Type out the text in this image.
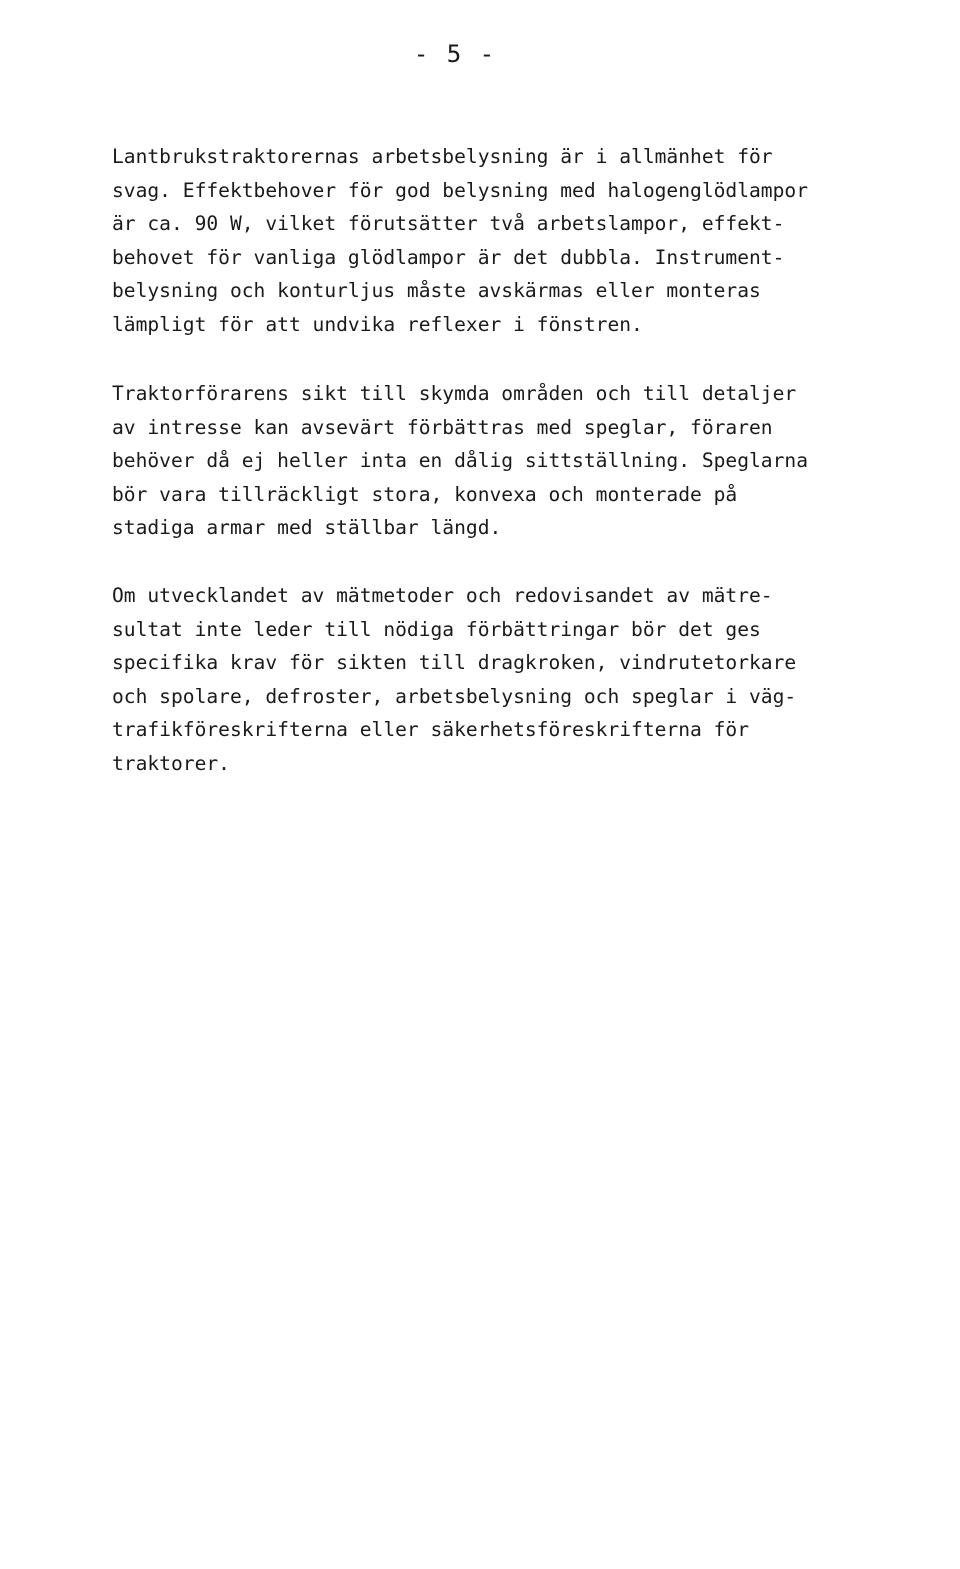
- 5 -
Lantbrukstraktorernas arbetsbelysning är i allmänhet för
svag. Effektbehover för god belysning med halogenglödlampor
är ca. 90 W, vilket förutsätter två arbetslampor, effekt-
behovet för vanliga glödlampor är det dubbla. Instrument-
belysning och konturljus måste avskärmas eller monteras
lämpligt för att undvika reflexer i fönstren.
Traktorförarens sikt till skymda områden och till detaljer
av intresse kan avsevärt förbättras med speglar, föraren
behöver då ej heller inta en dålig sittställning. Speglarna
bör vara tillräckligt stora, konvexa och monterade på
stadiga armar med ställbar längd.
Om utvecklandet av mätmetoder och redovisandet av mätre-
sultat inte leder till nödiga förbättringar bör det ges
specifika krav för sikten till dragkroken, vindrutetorkare
och spolare, defroster, arbetsbelysning och speglar i väg-
trafikföreskrifterna eller säkerhetsföreskrifterna för
traktorer.
